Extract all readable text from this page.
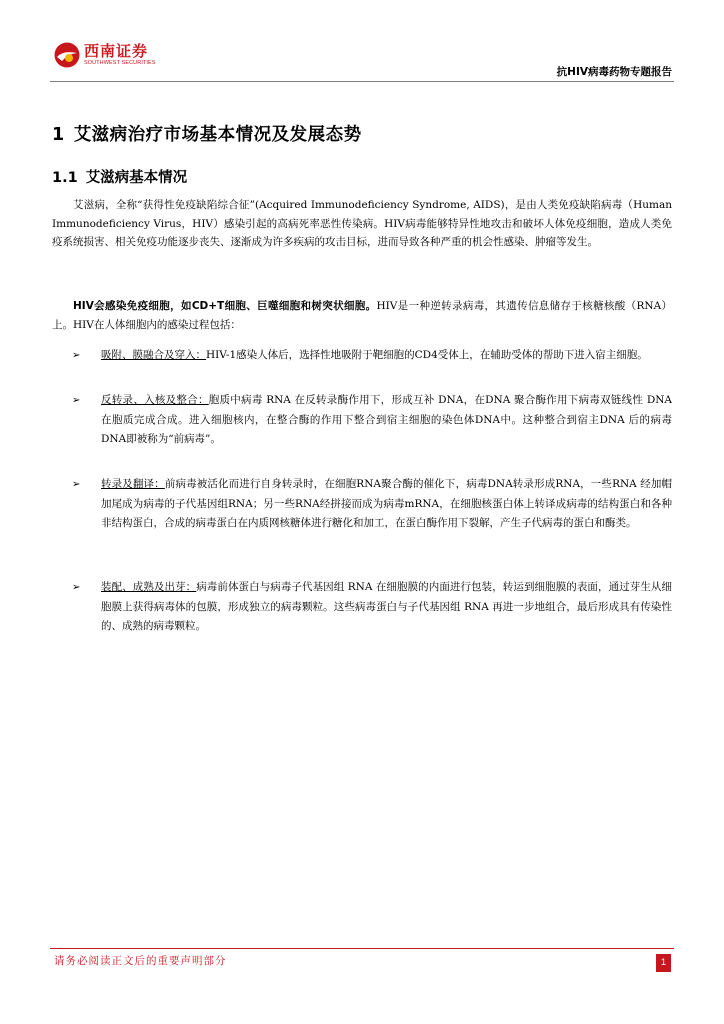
西南证券
SOUTHWEST SECURITIES
抗HIV病毒药物专题报告
1 艾滋病治疗市场基本情况及发展态势
1.1 艾滋病基本情况
艾滋病，全称“获得性免疫缺陷综合征”(Acquired Immunodeficiency Syndrome, AIDS)，是由人类免疫缺陷病毒（Human Immunodeficiency Virus，HIV）感染引起的高病死率恶性传染病。HIV病毒能够特异性地攻击和破坏人体免疫细胞，造成人类免疫系统损害、相关免疫功能逐步丧失、逐渐成为许多疾病的攻击目标，进而导致各种严重的机会性感染、肿瘤等发生。
HIV会感染免疫细胞，如CD+T细胞、巨噬细胞和树突状细胞。HIV是一种逆转录病毒，其遗传信息储存于核糖核酸（RNA）上。HIV在人体细胞内的感染过程包括：
➢ 吸附、膜融合及穿入：HIV-1感染人体后，选择性地吸附于靶细胞的CD4受体上，在辅助受体的帮助下进入宿主细胞。
➢ 反转录、入核及整合：胞质中病毒 RNA 在反转录酶作用下，形成互补 DNA，在DNA 聚合酶作用下病毒双链线性 DNA 在胞质完成合成。进入细胞核内，在整合酶的作用下整合到宿主细胞的染色体DNA中。这种整合到宿主DNA 后的病毒DNA即被称为“前病毒”。
➢ 转录及翻译：前病毒被活化而进行自身转录时，在细胞RNA聚合酶的催化下，病毒DNA转录形成RNA，一些RNA 经加帽加尾成为病毒的子代基因组RNA；另一些RNA经拼接而成为病毒mRNA，在细胞核蛋白体上转译成病毒的结构蛋白和各种非结构蛋白，合成的病毒蛋白在内质网核糖体进行糖化和加工，在蛋白酶作用下裂解，产生子代病毒的蛋白和酶类。
➢ 装配、成熟及出芽：病毒前体蛋白与病毒子代基因组 RNA 在细胞膜的内面进行包装，转运到细胞膜的表面，通过芽生从细胞膜上获得病毒体的包膜，形成独立的病毒颗粒。这些病毒蛋白与子代基因组 RNA 再进一步地组合，最后形成具有传染性的、成熟的病毒颗粒。
请务必阅读正文后的重要声明部分	1
